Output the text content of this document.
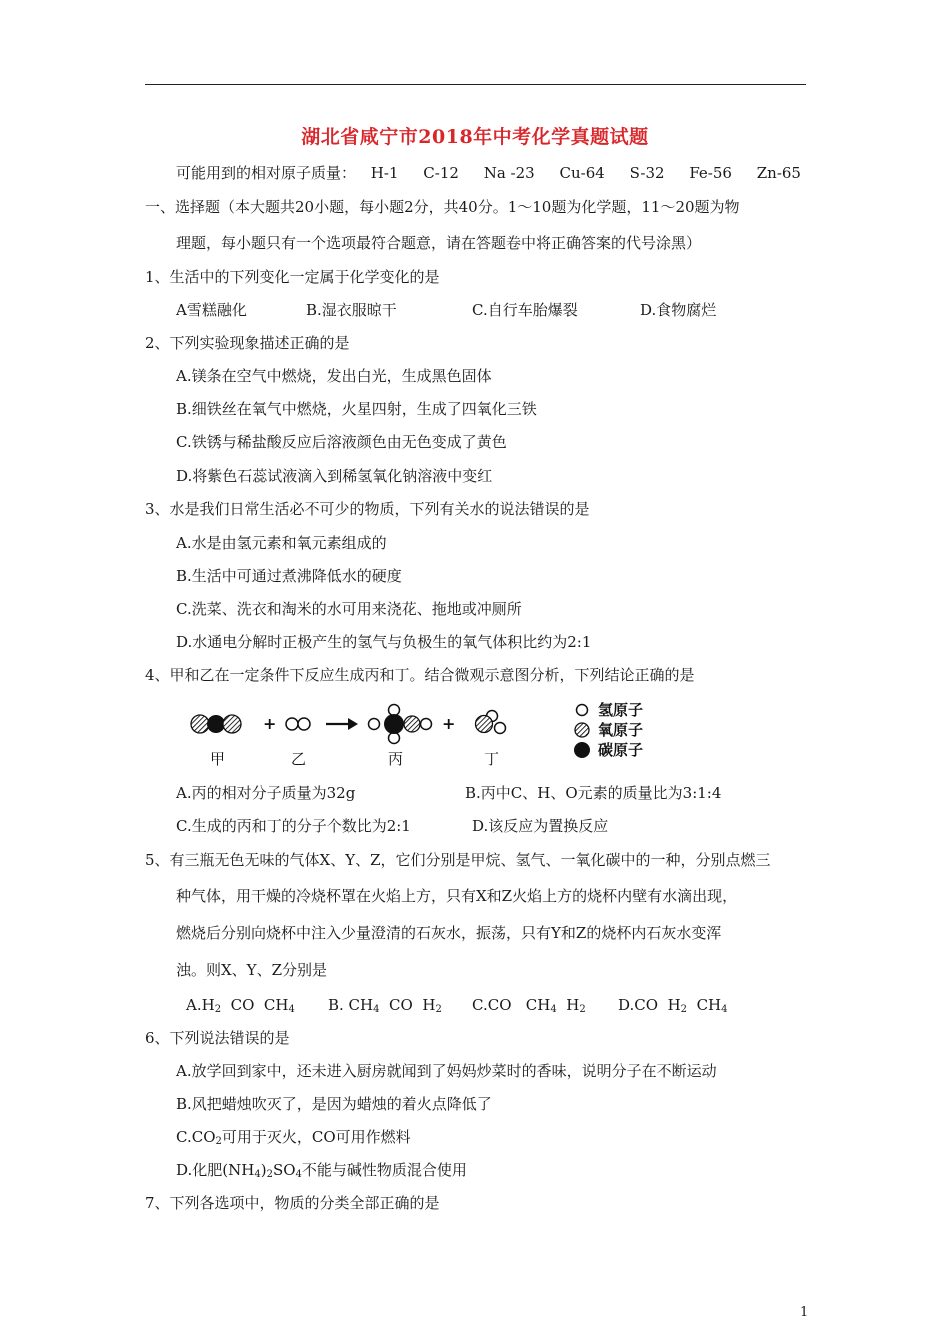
湖北省咸宁市2018年中考化学真题试题
可能用到的相对原子质量： H-1 C-12 Na -23 Cu-64 S-32 Fe-56 Zn-65
一、选择题（本大题共20小题，每小题2分，共40分。1～10题为化学题，11～20题为物
理题，每小题只有一个选项最符合题意，请在答题卷中将正确答案的代号涂黑）
1、生活中的下列变化一定属于化学变化的是
A雪糕融化	B.湿衣服晾干	C.自行车胎爆裂	D.食物腐烂
2、下列实验现象描述正确的是
A.镁条在空气中燃烧，发出白光，生成黑色固体
B.细铁丝在氧气中燃烧，火星四射，生成了四氧化三铁
C.铁锈与稀盐酸反应后溶液颜色由无色变成了黄色
D.将紫色石蕊试液滴入到稀氢氧化钠溶液中变红
3、水是我们日常生活必不可少的物质，下列有关水的说法错误的是
A.水是由氢元素和氧元素组成的
B.生活中可通过煮沸降低水的硬度
C.洗菜、洗衣和淘米的水可用来浇花、拖地或冲厕所
D.水通电分解时正极产生的氢气与负极生的氧气体积比约为2:1
4、甲和乙在一定条件下反应生成丙和丁。结合微观示意图分析，下列结论正确的是
+	+
甲	乙	丙	丁
氢原子
氧原子
碳原子
A.丙的相对分子质量为32g	B.丙中C、H、O元素的质量比为3:1:4
C.生成的丙和丁的分子个数比为2:1	D.该反应为置换反应
5、有三瓶无色无味的气体X、Y、Z，它们分别是甲烷、氢气、一氧化碳中的一种，分别点燃三
种气体，用干燥的冷烧杯罩在火焰上方，只有X和Z火焰上方的烧杯内壁有水滴出现，
燃烧后分别向烧杯中注入少量澄清的石灰水，振荡，只有Y和Z的烧杯内石灰水变浑
浊。则X、Y、Z分别是
$A.H_2$  CO  $CH_4$ B. $CH_4$  CO  $H_2$ C.CO   $CH_4$  $H_2$ D.CO  $H_2$  $CH_4$
6、下列说法错误的是
A.放学回到家中，还未进入厨房就闻到了妈妈炒菜时的香味，说明分子在不断运动
B.风把蜡烛吹灭了，是因为蜡烛的着火点降低了
$C.CO_2$可用于灭火，CO可用作燃料
D.化肥$(NH_4)_2SO_4$不能与碱性物质混合使用
7、下列各选项中，物质的分类全部正确的是
1
